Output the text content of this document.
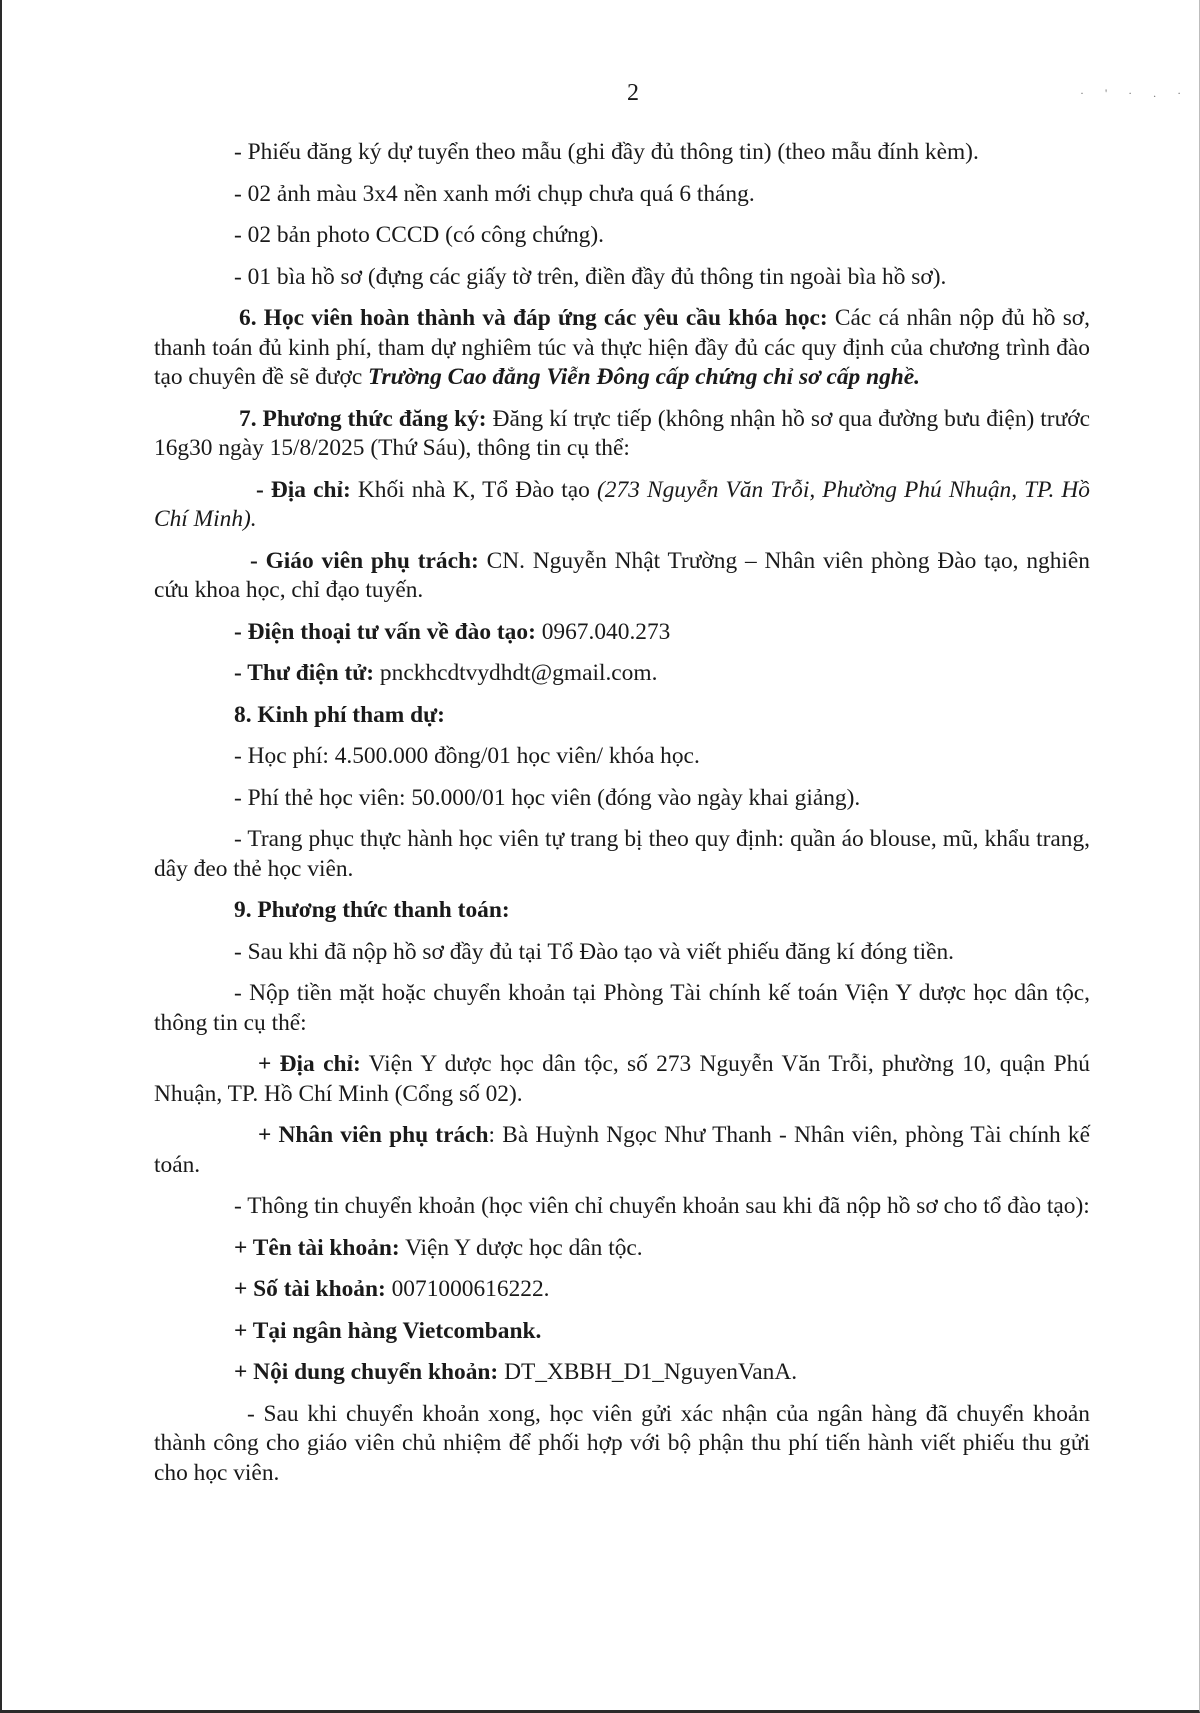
2	· ' · . ·

- Phiếu đăng ký dự tuyển theo mẫu (ghi đầy đủ thông tin) (theo mẫu đính kèm).

- 02 ảnh màu 3x4 nền xanh mới chụp chưa quá 6 tháng.

- 02 bản photo CCCD (có công chứng).

- 01 bìa hồ sơ (đựng các giấy tờ trên, điền đầy đủ thông tin ngoài bìa hồ sơ).

6. Học viên hoàn thành và đáp ứng các yêu cầu khóa học: Các cá nhân nộp đủ hồ sơ, thanh toán đủ kinh phí, tham dự nghiêm túc và thực hiện đầy đủ các quy định của chương trình đào tạo chuyên đề sẽ được Trường Cao đẳng Viễn Đông cấp chứng chỉ sơ cấp nghề.

7. Phương thức đăng ký: Đăng kí trực tiếp (không nhận hồ sơ qua đường bưu điện) trước 16g30 ngày 15/8/2025 (Thứ Sáu), thông tin cụ thể:

- Địa chỉ: Khối nhà K, Tổ Đào tạo (273 Nguyễn Văn Trỗi, Phường Phú Nhuận, TP. Hồ Chí Minh).

- Giáo viên phụ trách: CN. Nguyễn Nhật Trường – Nhân viên phòng Đào tạo, nghiên cứu khoa học, chỉ đạo tuyến.

- Điện thoại tư vấn về đào tạo: 0967.040.273

- Thư điện tử: pnckhcdtvydhdt@gmail.com.

8. Kinh phí tham dự:

- Học phí: 4.500.000 đồng/01 học viên/ khóa học.

- Phí thẻ học viên: 50.000/01 học viên (đóng vào ngày khai giảng).

- Trang phục thực hành học viên tự trang bị theo quy định: quần áo blouse, mũ, khẩu trang, dây đeo thẻ học viên.

9. Phương thức thanh toán:

- Sau khi đã nộp hồ sơ đầy đủ tại Tổ Đào tạo và viết phiếu đăng kí đóng tiền.

- Nộp tiền mặt hoặc chuyển khoản tại Phòng Tài chính kế toán Viện Y dược học dân tộc, thông tin cụ thể:

+ Địa chỉ: Viện Y dược học dân tộc, số 273 Nguyễn Văn Trỗi, phường 10, quận Phú Nhuận, TP. Hồ Chí Minh (Cổng số 02).

+ Nhân viên phụ trách: Bà Huỳnh Ngọc Như Thanh - Nhân viên, phòng Tài chính kế toán.

- Thông tin chuyển khoản (học viên chỉ chuyển khoản sau khi đã nộp hồ sơ cho tổ đào tạo):

+ Tên tài khoản: Viện Y dược học dân tộc.

+ Số tài khoản: 0071000616222.

+ Tại ngân hàng Vietcombank.

+ Nội dung chuyển khoản: DT_XBBH_D1_NguyenVanA.

- Sau khi chuyển khoản xong, học viên gửi xác nhận của ngân hàng đã chuyển khoản thành công cho giáo viên chủ nhiệm để phối hợp với bộ phận thu phí tiến hành viết phiếu thu gửi cho học viên.
